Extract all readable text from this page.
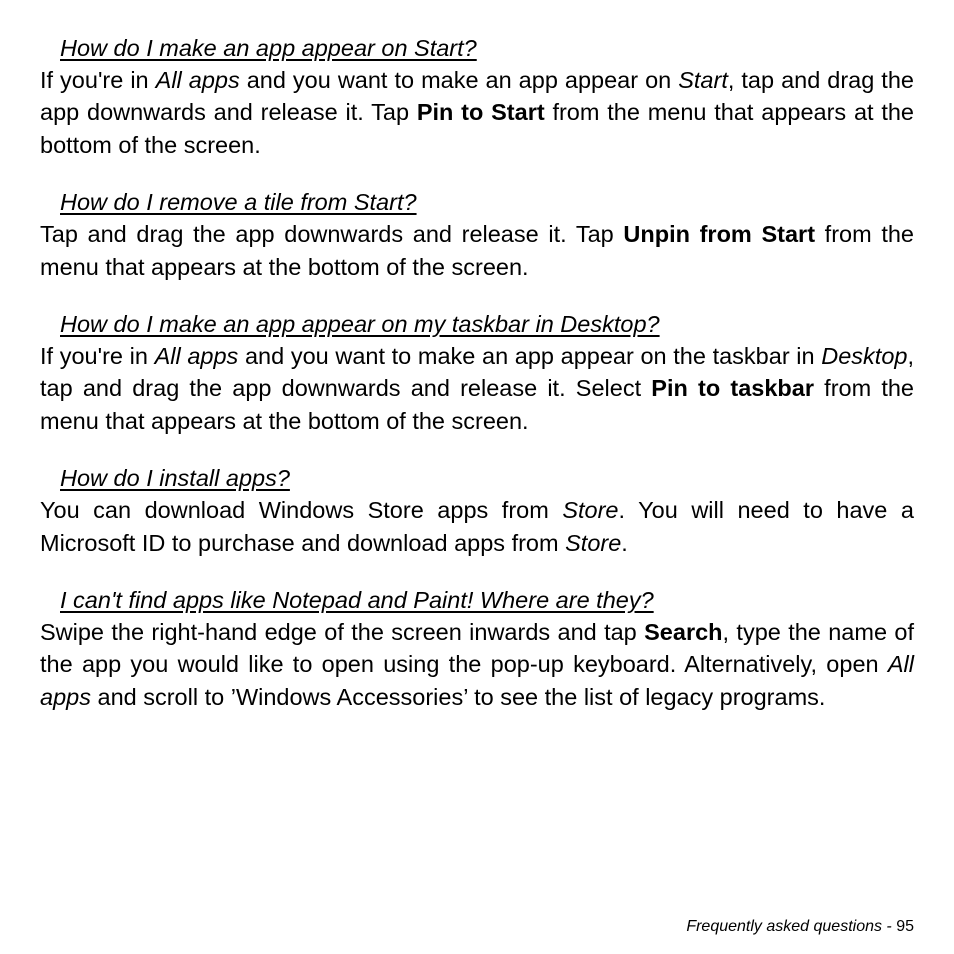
How do I make an app appear on Start?

If you're in All apps and you want to make an app appear on Start, tap and drag the app downwards and release it. Tap Pin to Start from the menu that appears at the bottom of the screen.

How do I remove a tile from Start?

Tap and drag the app downwards and release it. Tap Unpin from Start from the menu that appears at the bottom of the screen.

How do I make an app appear on my taskbar in Desktop?

If you're in All apps and you want to make an app appear on the taskbar in Desktop, tap and drag the app downwards and release it. Select Pin to taskbar from the menu that appears at the bottom of the screen.

How do I install apps?

You can download Windows Store apps from Store. You will need to have a Microsoft ID to purchase and download apps from Store.

I can't find apps like Notepad and Paint! Where are they?

Swipe the right-hand edge of the screen inwards and tap Search, type the name of the app you would like to open using the pop-up keyboard. Alternatively, open All apps and scroll to ’Windows Accessories’ to see the list of legacy programs.

Frequently asked questions - 95
